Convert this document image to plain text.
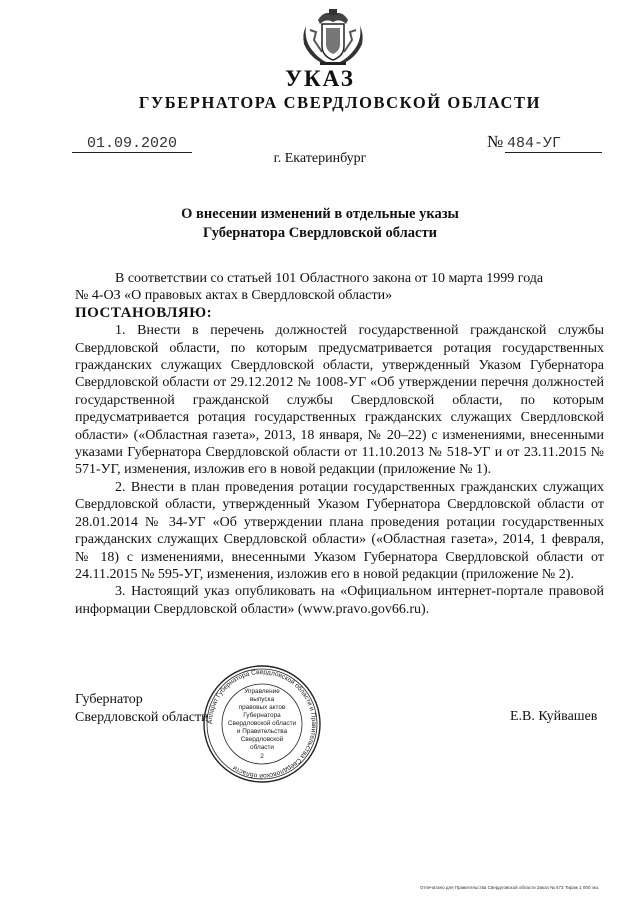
УКАЗ
ГУБЕРНАТОРА СВЕРДЛОВСКОЙ ОБЛАСТИ
01.09.2020	№ 484-УГ
г. Екатеринбург
О внесении изменений в отдельные указы
Губернатора Свердловской области

В соответствии со статьей 101 Областного закона от 10 марта 1999 года

№ 4-ОЗ «О правовых актах в Свердловской области»

ПОСТАНОВЛЯЮ:

1. Внести в перечень должностей государственной гражданской службы Свердловской области, по которым предусматривается ротация государственных гражданских служащих Свердловской области, утвержденный Указом Губернатора Свердловской области от 29.12.2012 № 1008-УГ «Об утверждении перечня должностей государственной гражданской службы Свердловской области, по которым предусматривается ротация государственных гражданских служащих Свердловской области» («Областная газета», 2013, 18 января, № 20–22) с изменениями, внесенными указами Губернатора Свердловской области от 11.10.2013 № 518-УГ и от 23.11.2015 № 571-УГ, изменения, изложив его в новой редакции (приложение № 1).

2. Внести в план проведения ротации государственных гражданских служащих Свердловской области, утвержденный Указом Губернатора Свердловской области от 28.01.2014 № 34-УГ «Об утверждении плана проведения ротации государственных гражданских служащих Свердловской области» («Областная газета», 2014, 1 февраля, № 18) с изменениями, внесенными Указом Губернатора Свердловской области от 24.11.2015 № 595-УГ, изменения, изложив его в новой редакции (приложение № 2).

3. Настоящий указ опубликовать на «Официальном интернет-портале правовой информации Свердловской области» (www.pravo.gov66.ru).

Губернатор
Свердловской области	Е.В. Куйвашев
Аппарат Губернатора Свердловской области и Правительства Свердловской области
Управление
выпуска
правовых актов
Губернатора
Свердловской области
и Правительства
Свердловской
области
2
Отпечатано для Правительства Свердловской области Заказ № 673 Тираж 1 000 экз.
